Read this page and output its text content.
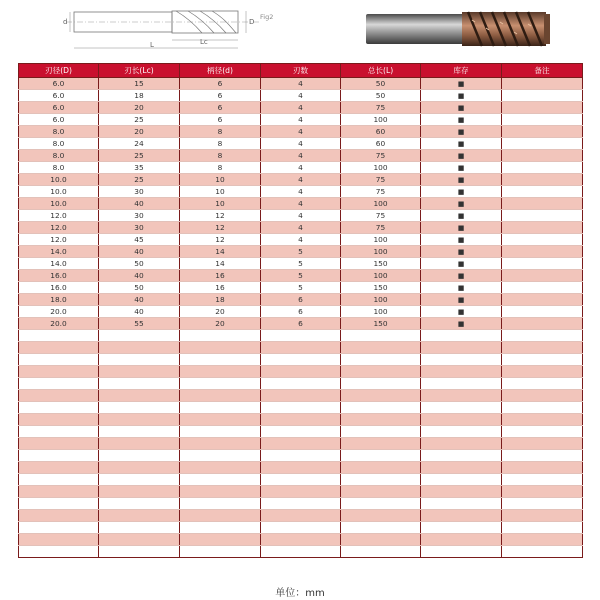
d	D
Lc
L
Fig2
刃径(D)	刃长(Lc)	柄径(d)	刃数	总长(L)	库存	备注
6.0	15	6	4	50	■	
6.0	18	6	4	50	■	
6.0	20	6	4	75	■	
6.0	25	6	4	100	■	
8.0	20	8	4	60	■	
8.0	24	8	4	60	■	
8.0	25	8	4	75	■	
8.0	35	8	4	100	■	
10.0	25	10	4	75	■	
10.0	30	10	4	75	■	
10.0	40	10	4	100	■	
12.0	30	12	4	75	■	
12.0	30	12	4	75	■	
12.0	45	12	4	100	■	
14.0	40	14	5	100	■	
14.0	50	14	5	150	■	
16.0	40	16	5	100	■	
16.0	50	16	5	150	■	
18.0	40	18	6	100	■	
20.0	40	20	6	100	■	
20.0	55	20	6	150	■	

单位：mm
